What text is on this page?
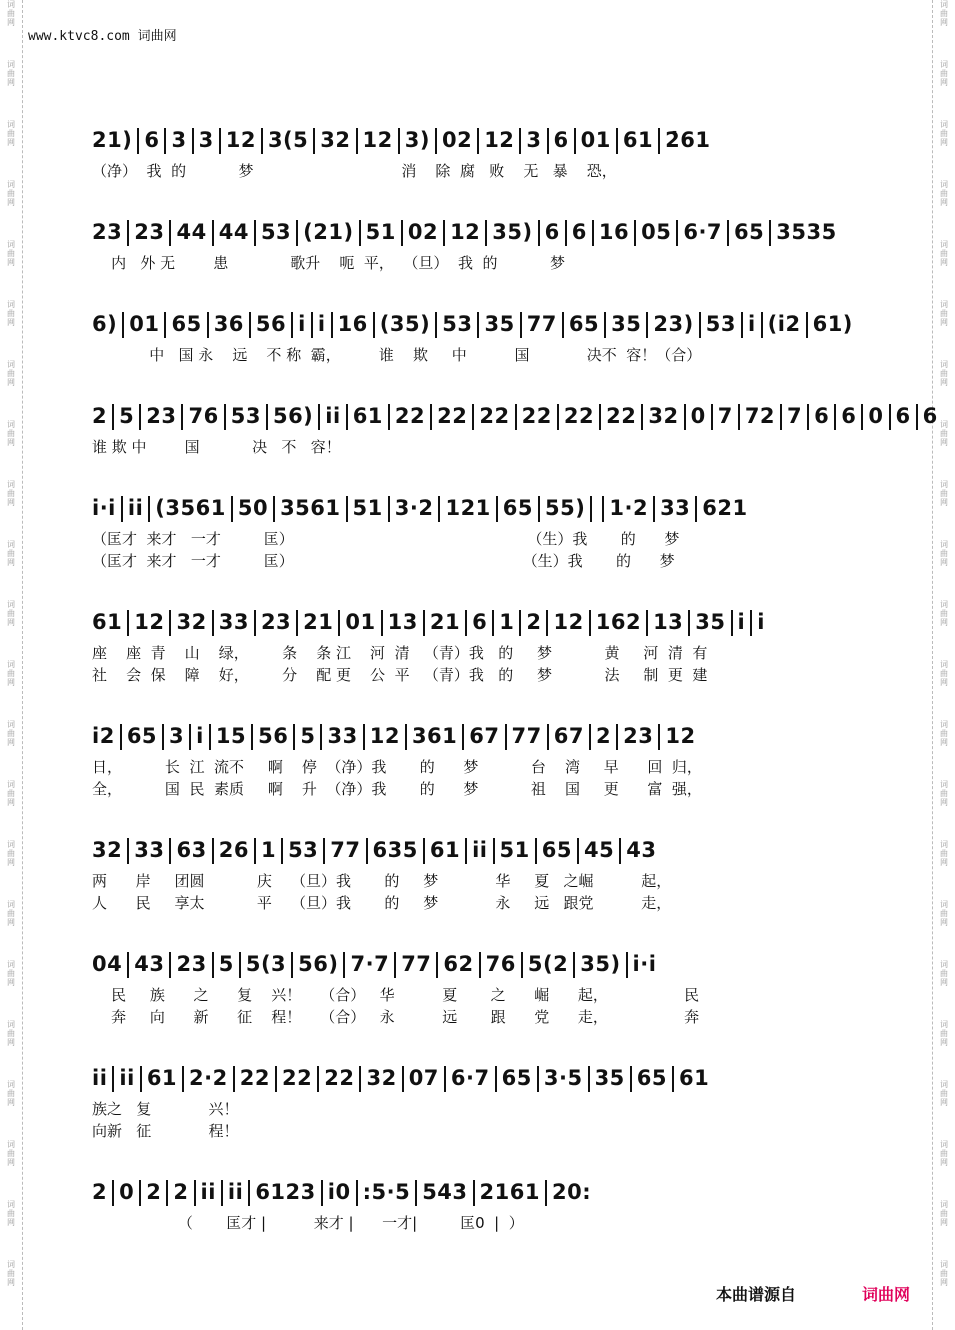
词
曲
网
词
曲
网
词
曲
网
词
曲
网
词
曲
网
词
曲
网
词
曲
网
词
曲
网
词
曲
网
词
曲
网
词
曲
网
词
曲
网
词
曲
网
词
曲
网
词
曲
网
词
曲
网
词
曲
网
词
曲
网
词
曲
网
词
曲
网
词
曲
网
词
曲
网
词
曲
网
词
曲
网
词
曲
网
词
曲
网
词
曲
网
词
曲
网
词
曲
网
词
曲
网
词
曲
网
词
曲
网
词
曲
网
词
曲
网
词
曲
网
词
曲
网
词
曲
网
词
曲
网
词
曲
网
词
曲
网
词
曲
网
词
曲
网
词
曲
网
词
曲
网
www.ktvc8.com 词曲网
21) 6 3 3 12 3(5 32 12 3) 02 12 3 6 01 61 2̇61
（净）  我  的           梦                               消    除  腐   败    无   暴    恐，
23 23 44 44 53 (21) 51 02 12 35) 6 6 16 05 6·7 65 3535
内   外 无        患             歌升    呃  平，  （旦）  我  的           梦
6) 01 65 36 56 i i 16 (35) 53 35 77 65 35 23) 53 i (i2 61)
中   国 永    远    不 称  霸，        谁    欺     中          国            决不  容！（合）
2 5 23 76 53 56) ii 61 22 22 22 22 22 22 32 0 7 72 7 6 6 0 6 6
谁 欺 中        国           决   不   容！
i·i ii (3561 50 3561 51 3·2 121 65 55) 1·2 33 621
（匡才  来才   一才         匡）                                                 （生）我       的      梦
（匡才  来才   一才         匡）                                                （生）我       的      梦
61 12 32 33 23 21 01 13 21 6 1 2 12 162 13 35 i i
座    座  青    山    绿，       条    条 江    河  清   （青）我   的     梦           黄     河  清  有
社    会  保    障    好，       分    配 更    公  平   （青）我   的     梦           法     制  更  建
i2 65 3 i 15 56 5 33 12 361 67 77 67 2 23 12
日，         长  江  流不     啊    停  （净）我       的      梦           台    湾     早      回  归，
全，         国  民  素质     啊    升  （净）我       的      梦           祖    国     更      富  强，
32 33 63 26 1 53 77 635 61 ii 51 65 45 43
两      岸     团圆           庆    （旦）我       的     梦            华     夏   之崛          起，
人      民     享太           平    （旦）我       的     梦            永     远   跟党          走，
04 43 23 5 5(3 56) 7·7 77 62 76 5(2 35) i·i
民     族      之      复    兴！    （合）   华          夏       之      崛      起，                民
奔     向      新      征    程！    （合）   永          远       跟      党      走，                奔
ii ii 61 2·2 22 22 22 32 07 6·7 65 3·5 35 65 61
族之   复            兴！
向新   征            程！
2 0 2 2 ii ii 6123 i0 :5·5 543 2161 20:
（       匡才 |          来才 |      一才|         匡0  |  ）
本曲谱源自	词曲网
